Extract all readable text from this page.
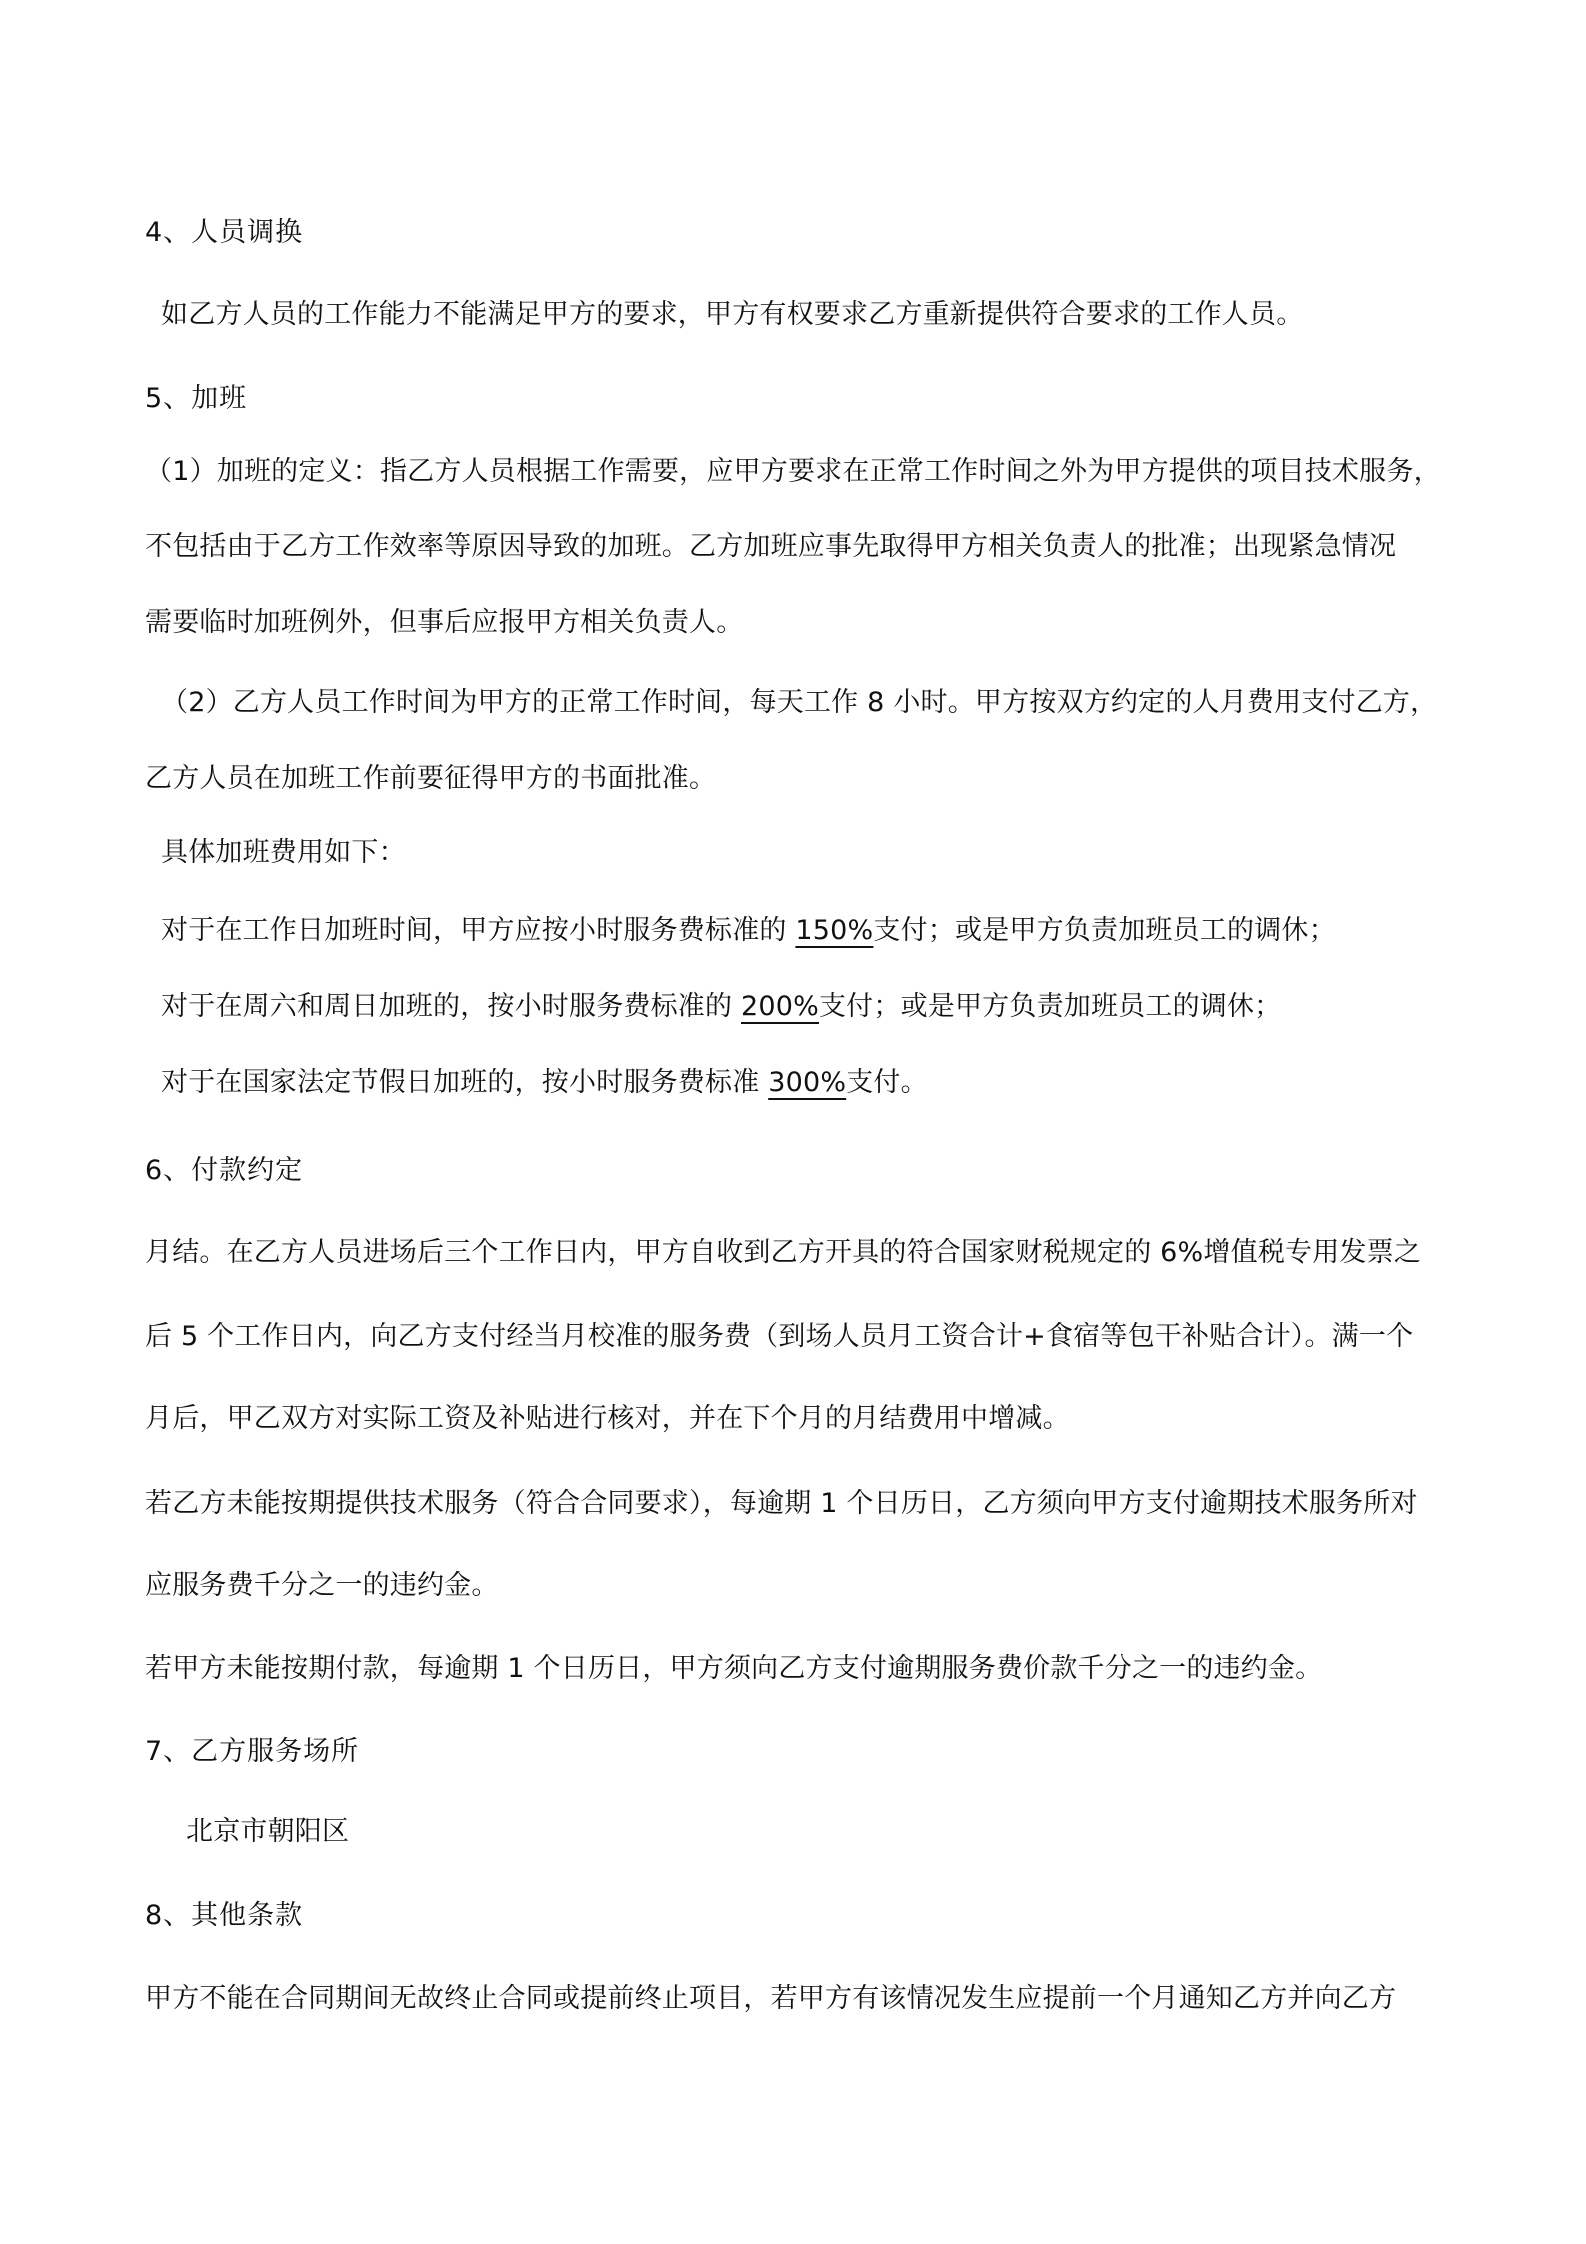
4、人员调换
如乙方人员的工作能力不能满足甲方的要求，甲方有权要求乙方重新提供符合要求的工作人员。
5、加班
（1）加班的定义：指乙方人员根据工作需要，应甲方要求在正常工作时间之外为甲方提供的项目技术服务，
不包括由于乙方工作效率等原因导致的加班。乙方加班应事先取得甲方相关负责人的批准；出现紧急情况
需要临时加班例外，但事后应报甲方相关负责人。
（2）乙方人员工作时间为甲方的正常工作时间，每天工作 8 小时。甲方按双方约定的人月费用支付乙方，
乙方人员在加班工作前要征得甲方的书面批准。
具体加班费用如下：
对于在工作日加班时间，甲方应按小时服务费标准的 150%支付；或是甲方负责加班员工的调休；
对于在周六和周日加班的，按小时服务费标准的 200%支付；或是甲方负责加班员工的调休；
对于在国家法定节假日加班的，按小时服务费标准 300%支付。
6、付款约定
月结。在乙方人员进场后三个工作日内，甲方自收到乙方开具的符合国家财税规定的 6%增值税专用发票之
后 5 个工作日内，向乙方支付经当月校准的服务费（到场人员月工资合计+食宿等包干补贴合计）。满一个
月后，甲乙双方对实际工资及补贴进行核对，并在下个月的月结费用中增减。
若乙方未能按期提供技术服务（符合合同要求），每逾期 1 个日历日，乙方须向甲方支付逾期技术服务所对
应服务费千分之一的违约金。
若甲方未能按期付款，每逾期 1 个日历日，甲方须向乙方支付逾期服务费价款千分之一的违约金。
7、乙方服务场所
北京市朝阳区
8、其他条款
甲方不能在合同期间无故终止合同或提前终止项目，若甲方有该情况发生应提前一个月通知乙方并向乙方
